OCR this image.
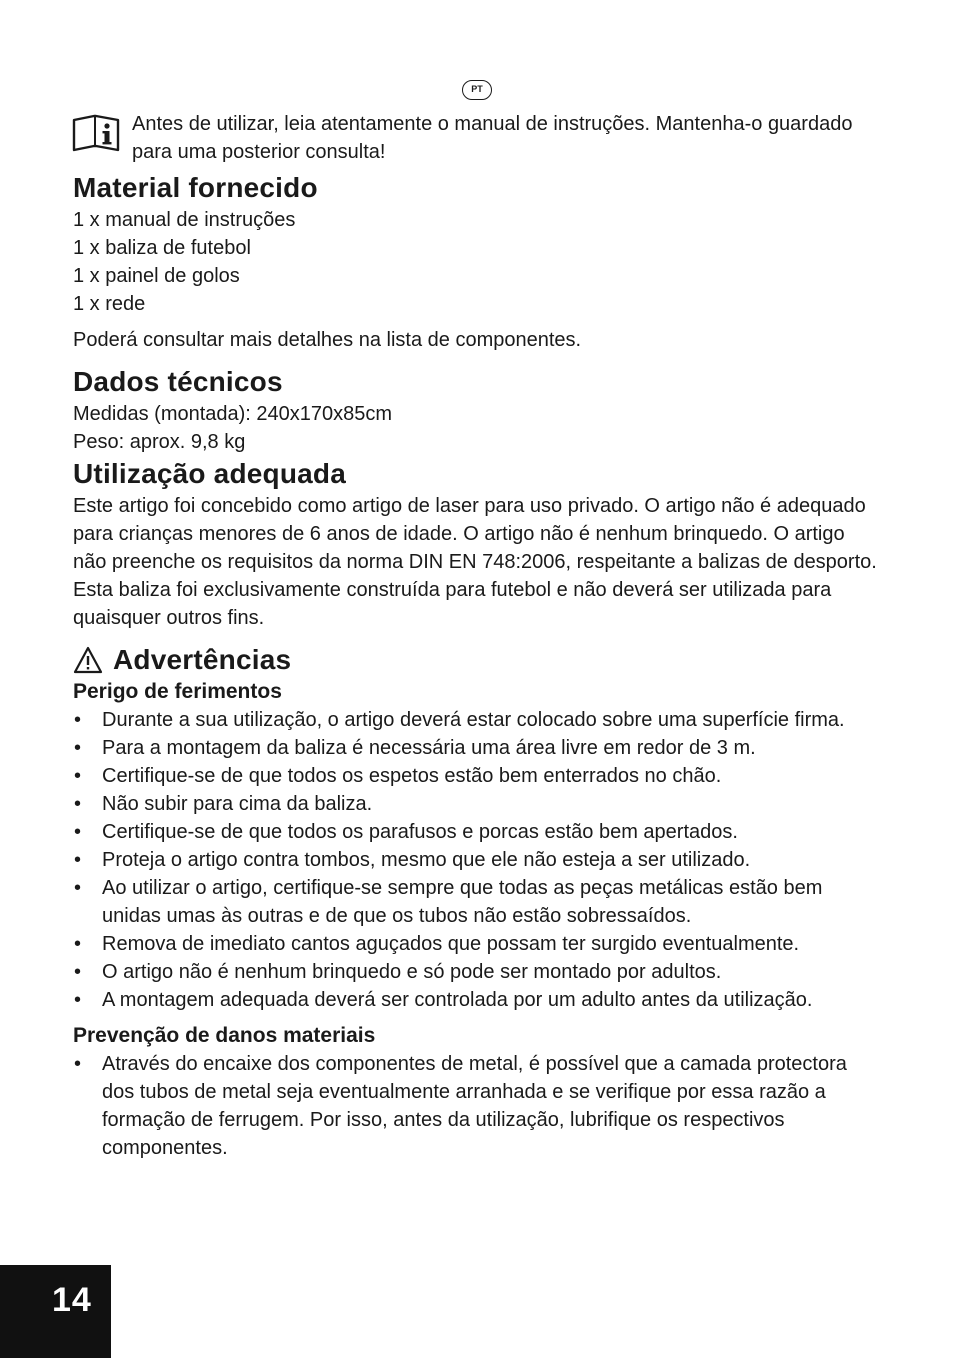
PT
Antes de utilizar, leia atentamente o manual de instruções. Mantenha-o guardado para uma posterior consulta!
Material fornecido
1 x manual de instruções
1 x baliza de futebol
1 x painel de golos
1 x rede

Poderá consultar mais detalhes na lista de componentes.

Dados técnicos

Medidas (montada): 240x170x85cm

Peso: aprox. 9,8 kg

Utilização adequada

Este artigo foi concebido como artigo de laser para uso privado. O artigo não é adequado para crianças menores de 6 anos de idade. O artigo não é nenhum brinquedo. O artigo não preenche os requisitos da norma DIN EN 748:2006, respeitante a balizas de desporto. Esta baliza foi exclusivamente construída para futebol e não deverá ser utilizada para quaisquer outros fins.

Advertências
Perigo de ferimentos
• Durante a sua utilização, o artigo deverá estar colocado sobre uma superfície firma.
• Para a montagem da baliza é necessária uma área livre em redor de 3 m.
• Certifique-se de que todos os espetos estão bem enterrados no chão.
• Não subir para cima da baliza.
• Certifique-se de que todos os parafusos e porcas estão bem apertados.
• Proteja o artigo contra tombos, mesmo que ele não esteja a ser utilizado.
• Ao utilizar o artigo, certifique-se sempre que todas as peças metálicas estão bem unidas umas às outras e de que os tubos não estão sobressaídos.
• Remova de imediato cantos aguçados que possam ter surgido eventualmente.
• O artigo não é nenhum brinquedo e só pode ser montado por adultos.
• A montagem adequada deverá ser controlada por um adulto antes da utilização.
Prevenção de danos materiais
• Através do encaixe dos componentes de metal, é possível que a camada protectora dos tubos de metal seja eventualmente arranhada e se verifique por essa razão a formação de ferrugem. Por isso, antes da utilização, lubrifique os respectivos componentes.
14
